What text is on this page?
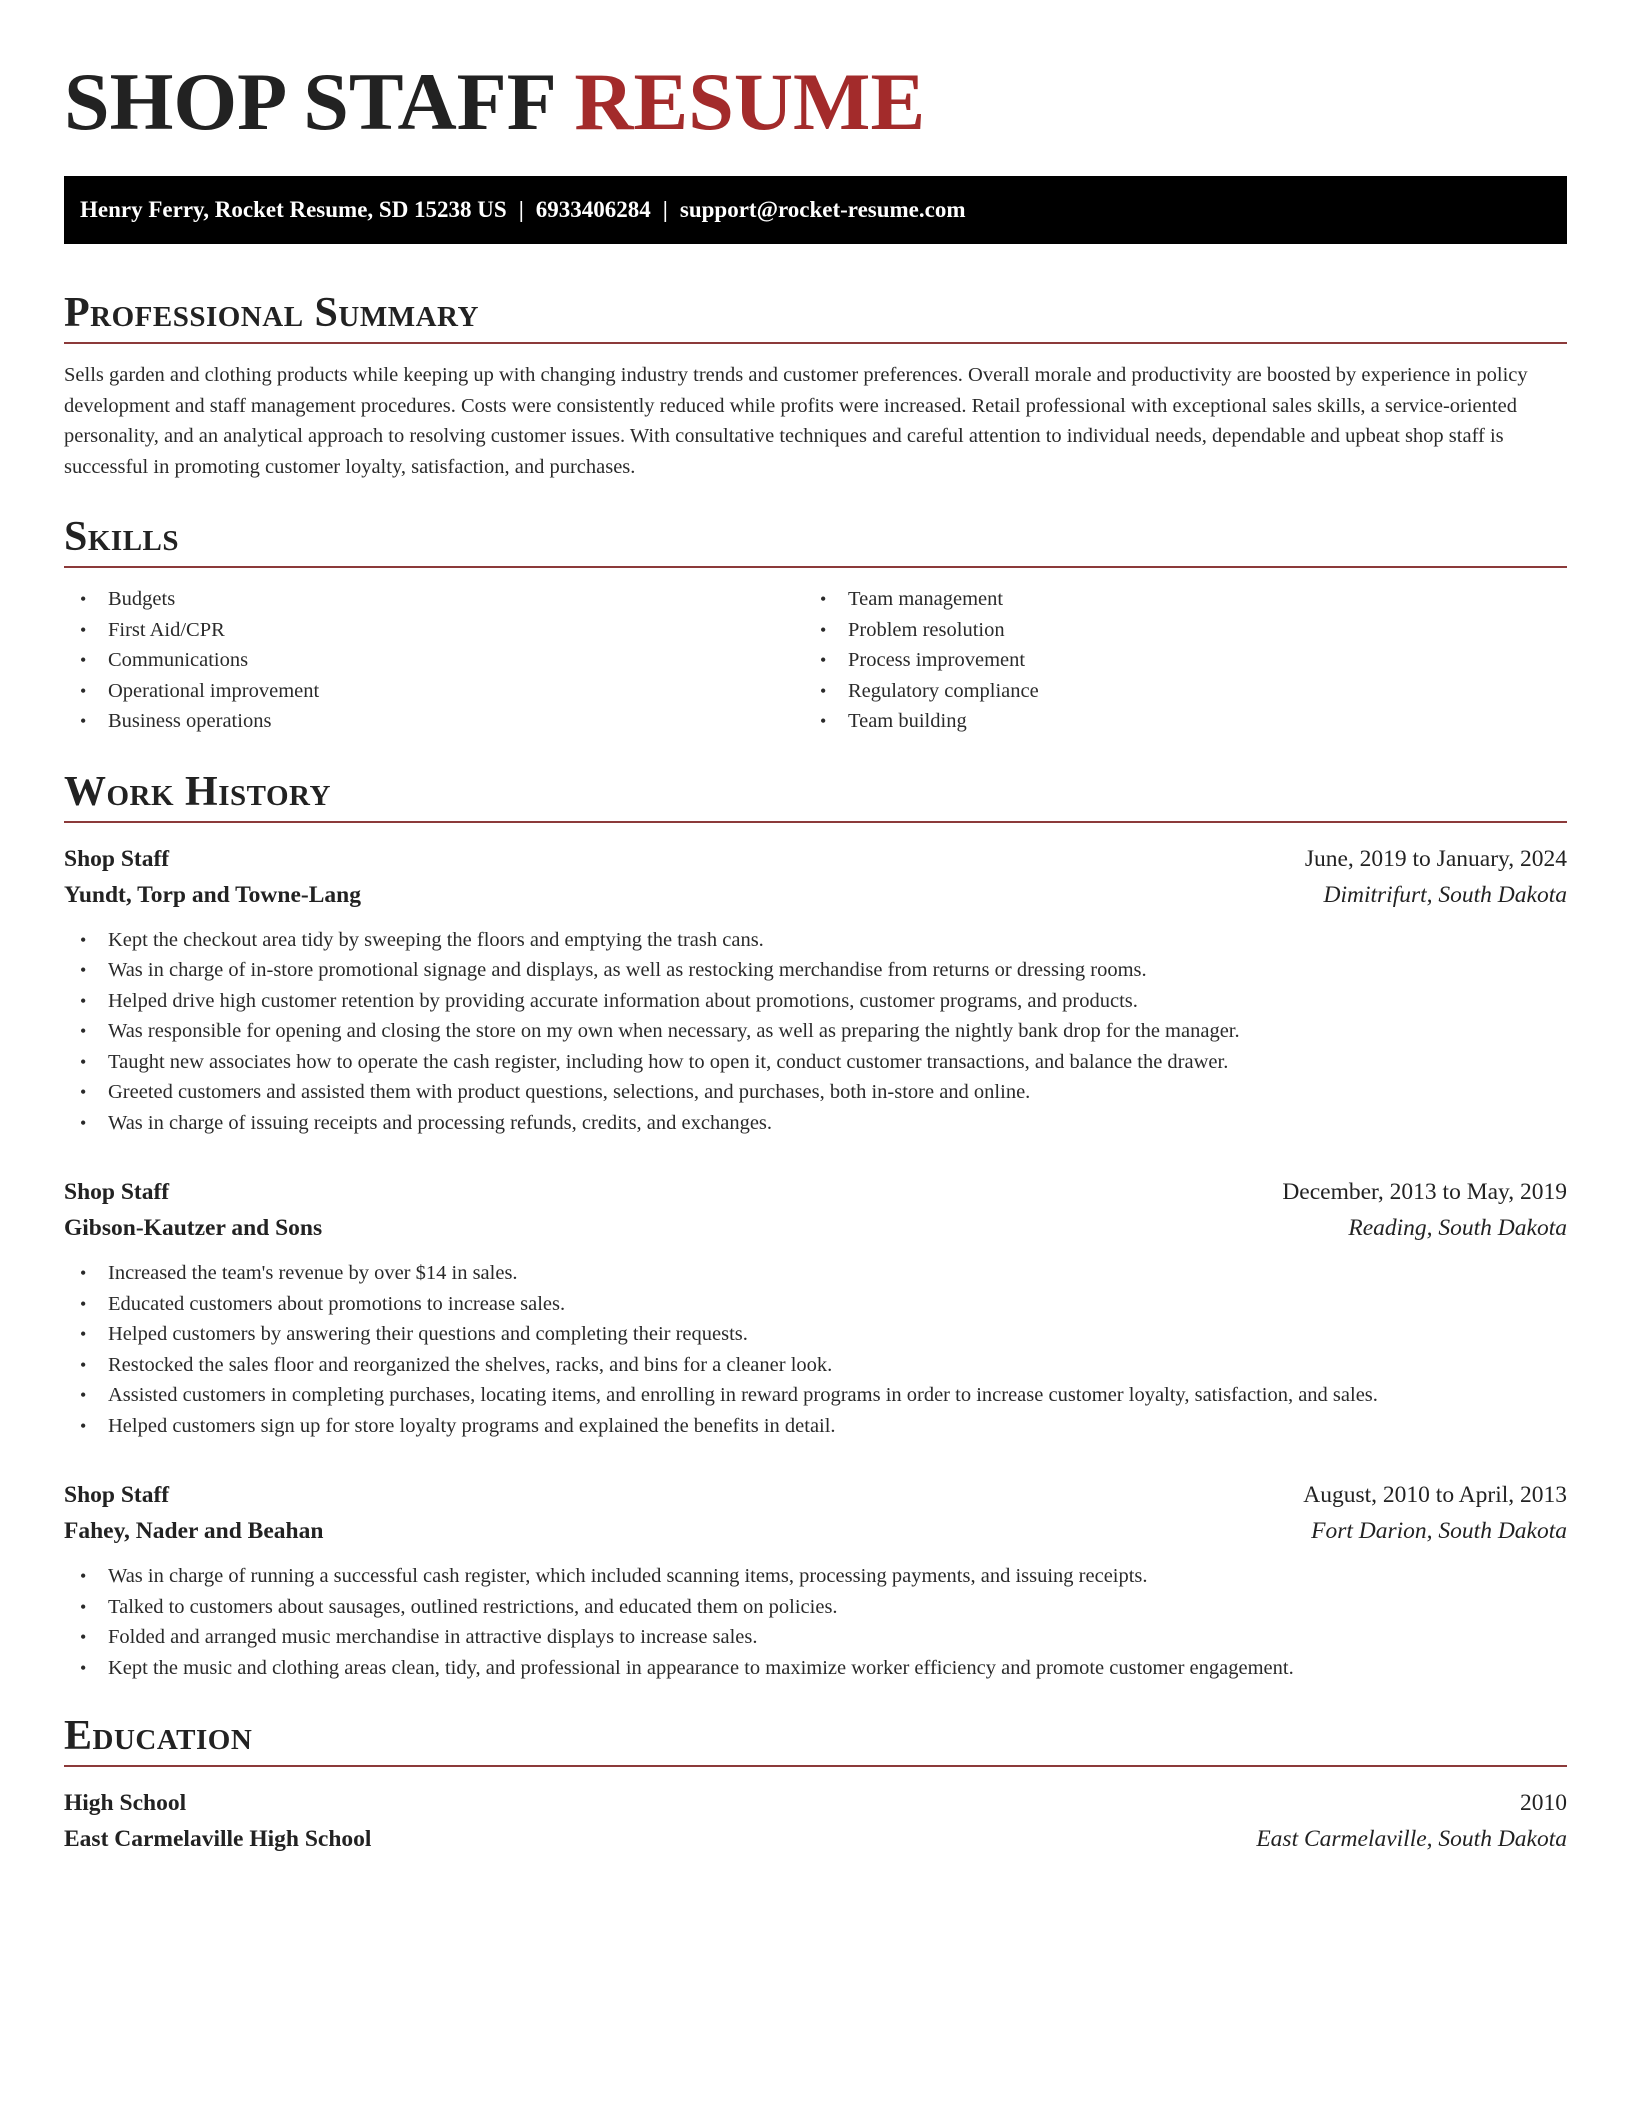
SHOP STAFF RESUME
Henry Ferry, Rocket Resume, SD 15238 US | 6933406284 | support@rocket-resume.com
Professional Summary

Sells garden and clothing products while keeping up with changing industry trends and customer preferences. Overall morale and productivity are boosted by experience in policy development and staff management procedures. Costs were consistently reduced while profits were increased. Retail professional with exceptional sales skills, a service-oriented personality, and an analytical approach to resolving customer issues. With consultative techniques and careful attention to individual needs, dependable and upbeat shop staff is successful in promoting customer loyalty, satisfaction, and purchases.

Skills
• Budgets
• First Aid/CPR
• Communications
• Operational improvement
• Business operations
• Team management
• Problem resolution
• Process improvement
• Regulatory compliance
• Team building
Work History
Shop Staff	June, 2019 to January, 2024
Yundt, Torp and Towne-Lang	Dimitrifurt, South Dakota
• Kept the checkout area tidy by sweeping the floors and emptying the trash cans.
• Was in charge of in-store promotional signage and displays, as well as restocking merchandise from returns or dressing rooms.
• Helped drive high customer retention by providing accurate information about promotions, customer programs, and products.
• Was responsible for opening and closing the store on my own when necessary, as well as preparing the nightly bank drop for the manager.
• Taught new associates how to operate the cash register, including how to open it, conduct customer transactions, and balance the drawer.
• Greeted customers and assisted them with product questions, selections, and purchases, both in-store and online.
• Was in charge of issuing receipts and processing refunds, credits, and exchanges.
Shop Staff	December, 2013 to May, 2019
Gibson-Kautzer and Sons	Reading, South Dakota
• Increased the team's revenue by over $14 in sales.
• Educated customers about promotions to increase sales.
• Helped customers by answering their questions and completing their requests.
• Restocked the sales floor and reorganized the shelves, racks, and bins for a cleaner look.
• Assisted customers in completing purchases, locating items, and enrolling in reward programs in order to increase customer loyalty, satisfaction, and sales.
• Helped customers sign up for store loyalty programs and explained the benefits in detail.
Shop Staff	August, 2010 to April, 2013
Fahey, Nader and Beahan	Fort Darion, South Dakota
• Was in charge of running a successful cash register, which included scanning items, processing payments, and issuing receipts.
• Talked to customers about sausages, outlined restrictions, and educated them on policies.
• Folded and arranged music merchandise in attractive displays to increase sales.
• Kept the music and clothing areas clean, tidy, and professional in appearance to maximize worker efficiency and promote customer engagement.
Education
High School	2010
East Carmelaville High School	East Carmelaville, South Dakota
